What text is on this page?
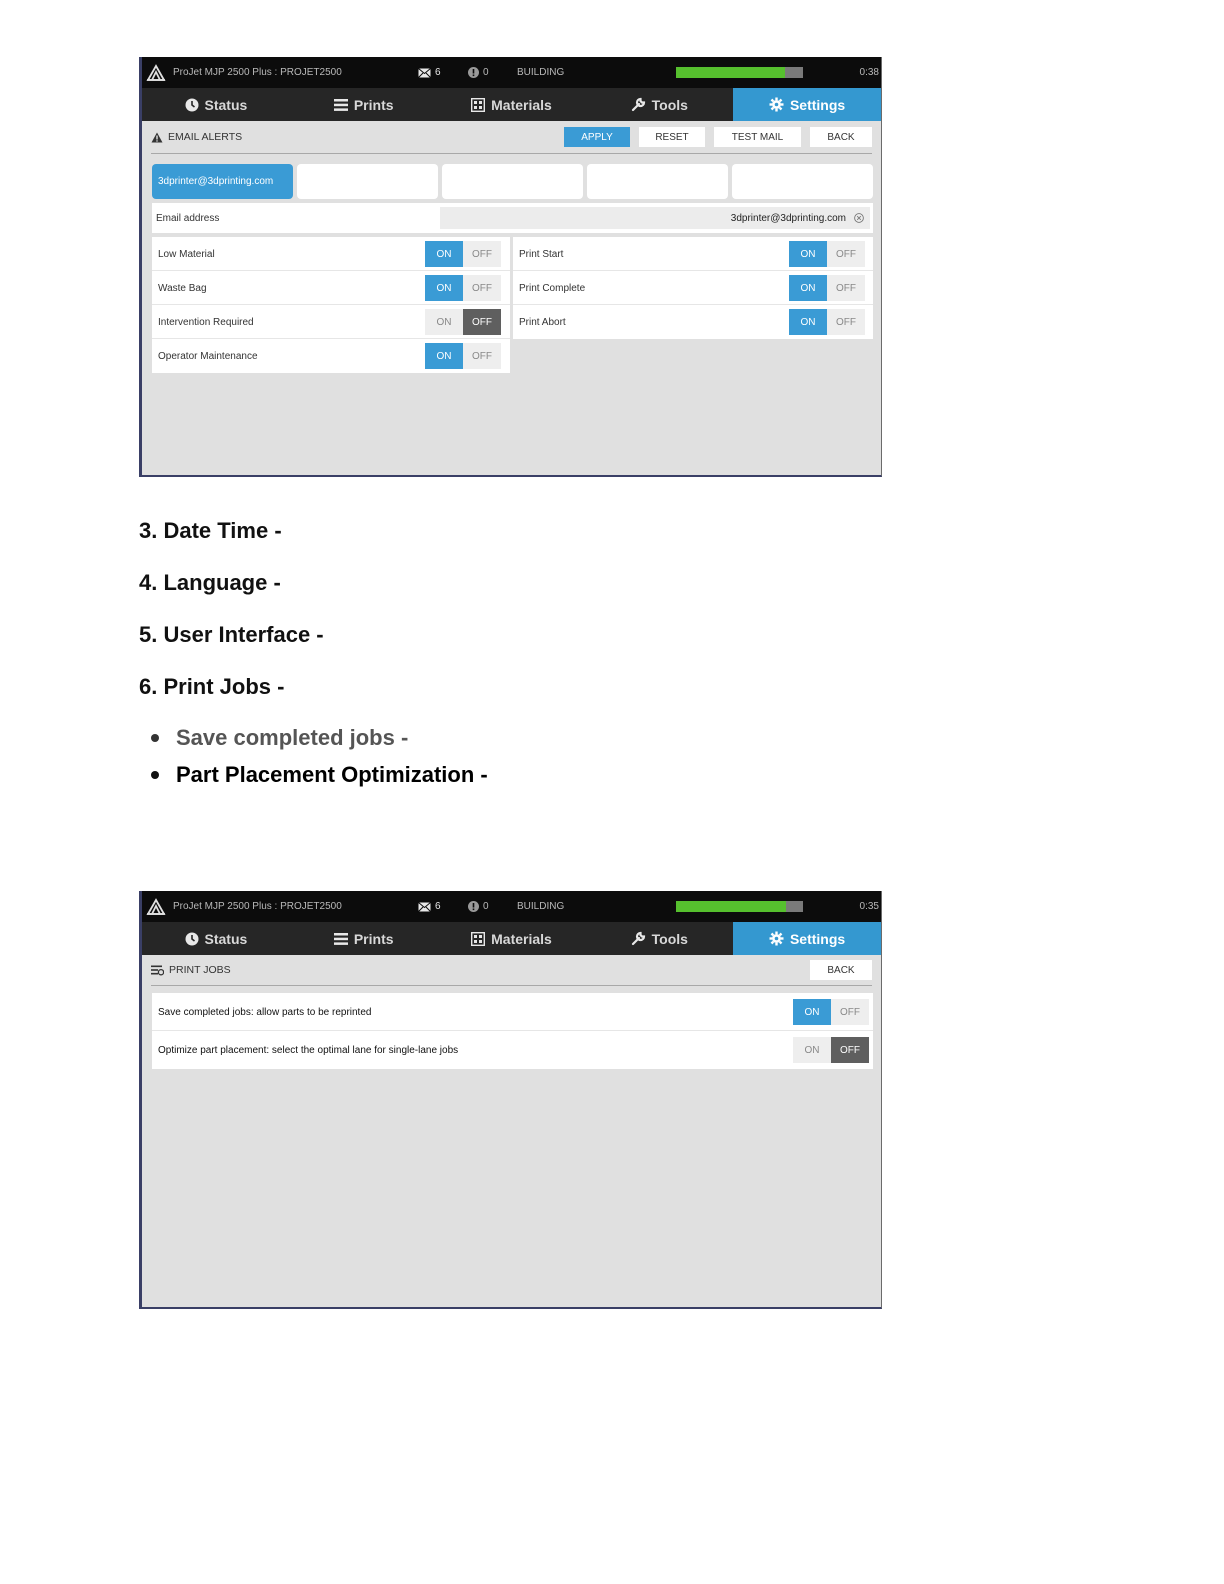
ProJet MJP 2500 Plus : PROJET2500	6	0	BUILDING	0:38
Status	Prints	Materials	Tools	Settings
EMAIL ALERTS	APPLY	RESET	TEST MAIL	BACK
3dprinter@3dprinting.com
Email address	3dprinter@3dprinting.com
Low Material	ON	OFF
Waste Bag	ON	OFF
Intervention Required	ON	OFF
Operator Maintenance	ON	OFF
Print Start	ON	OFF
Print Complete	ON	OFF
Print Abort	ON	OFF
3. Date Time -
4. Language -
5. User Interface -
6. Print Jobs -
Save completed jobs -
Part Placement Optimization -
ProJet MJP 2500 Plus : PROJET2500	6	0	BUILDING	0:35
Status	Prints	Materials	Tools	Settings
PRINT JOBS	BACK
Save completed jobs: allow parts to be reprinted	ON	OFF
Optimize part placement: select the optimal lane for single-lane jobs	ON	OFF
